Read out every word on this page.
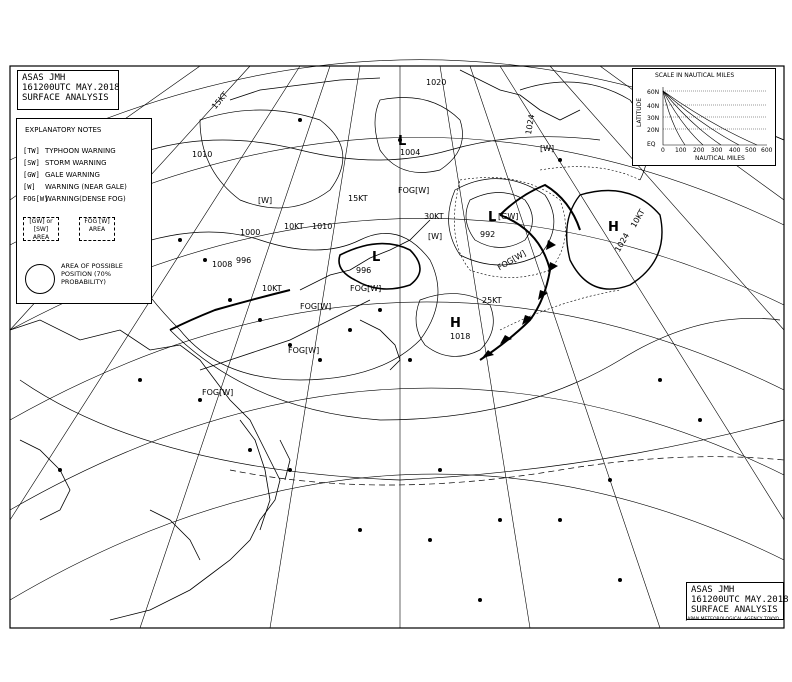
L
1004
L
996
L
992	H
1024
H
1018
1010
1000
996
1010
1020
1024
1008
15KT
10KT
30KT
25KT
10KT
10KT
15KT
FOG[W]
FOG[W]
FOG[W]
FOG[W]
FOG[W]
FOG[W]
[GW]
[W]
[W]
[W]
ASAS JMH
161200UTC MAY.2018
SURFACE ANALYSIS
EXPLANATORY NOTES
[TW] TYPHOON WARNING
[SW] STORM WARNING
[GW] GALE WARNING
[W] WARNING (NEAR GALE)
FOG[W]WARNING(DENSE FOG)
[GW] or [SW]
AREA
FOG [W]
AREA
AREA OF POSSIBLE POSITION (70% PROBABILITY)
SCALE IN NAUTICAL MILES
LATITUDE
60N
40N
30N
20N
EQ
0 100 200 300 400 500 600
NAUTICAL MILES
ASAS JMH
161200UTC MAY.2018
SURFACE ANALYSIS
JAPAN METEOROLOGICAL AGENCY TOKYO
